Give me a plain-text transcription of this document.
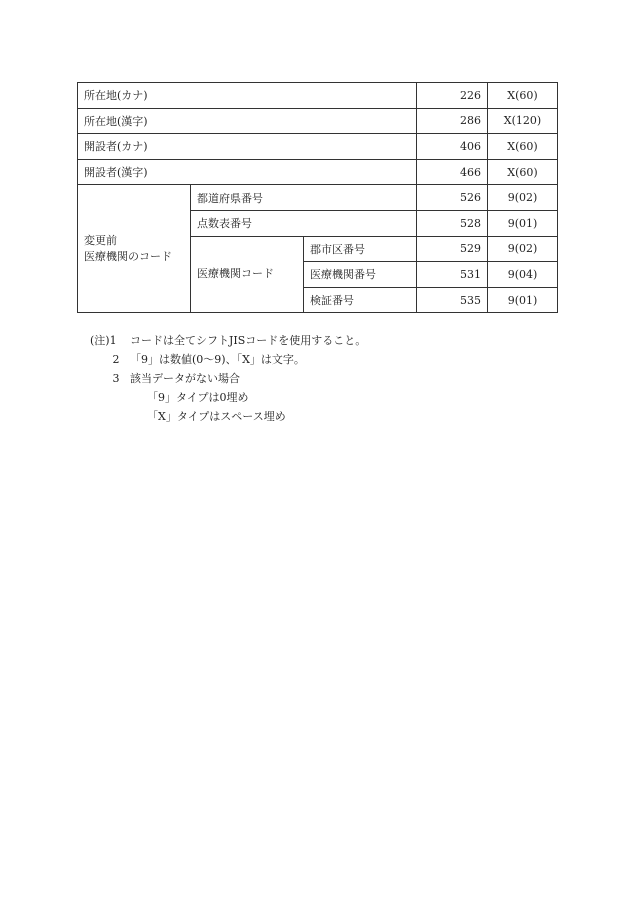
所在地(カナ)			226	X(60)
所在地(漢字)			286	X(120)
開設者(カナ)			406	X(60)
開設者(漢字)			466	X(60)

変更前
医療機関のコード	都道府県番号		526	9(02)
	点数表番号		528	9(01)
	医療機関コード	郡市区番号	529	9(02)
		医療機関番号	531	9(04)
		検証番号	535	9(01)
(注)1	コードは全てシフトJISコードを使用すること。
2 「9」は数値(0～9)、「X」は文字。
3 該当データがない場合
「9」タイプは0埋め
「X」タイプはスペース埋め
